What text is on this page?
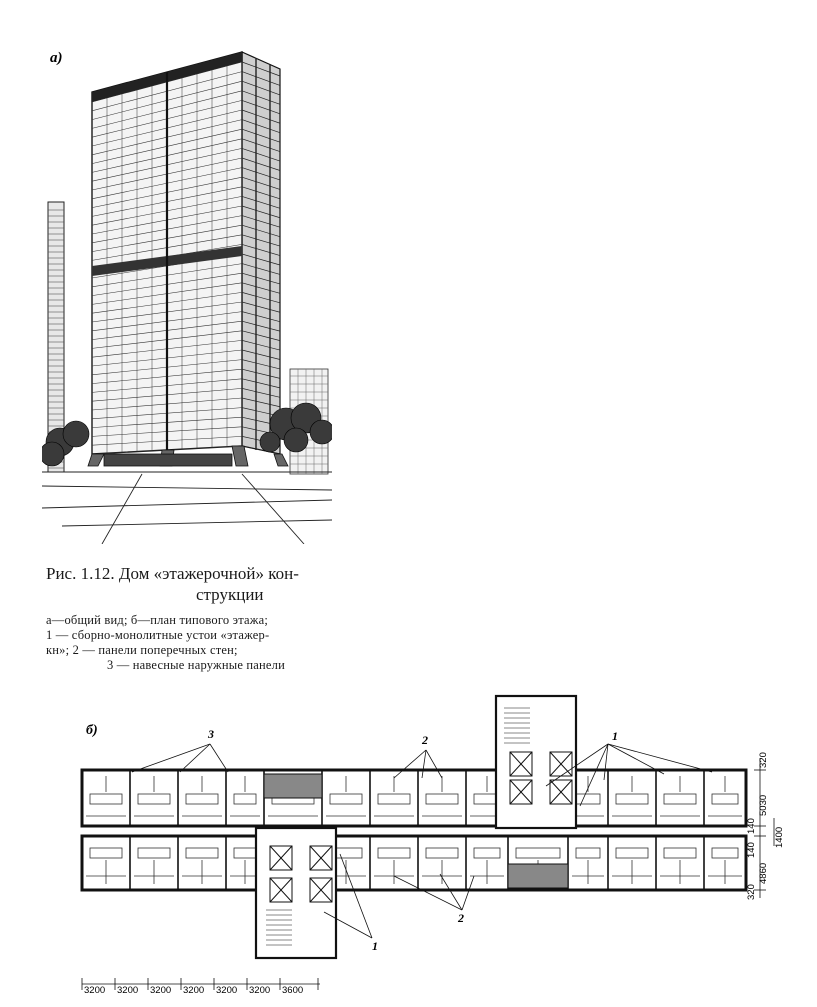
а)
Рис. 1.12. Дом «этажерочной» кон-
струкции
а—общий вид; б—план типового этажа;
1 — сборно-монолитные устои «этажер-
кн»; 2 — панели поперечных стен;
3 — навесные наружные панели
б)	3	2	1
2
1
320
5030
140
1400
140
4860
320
3200 3200 3200 3200 3200 3200 3600
